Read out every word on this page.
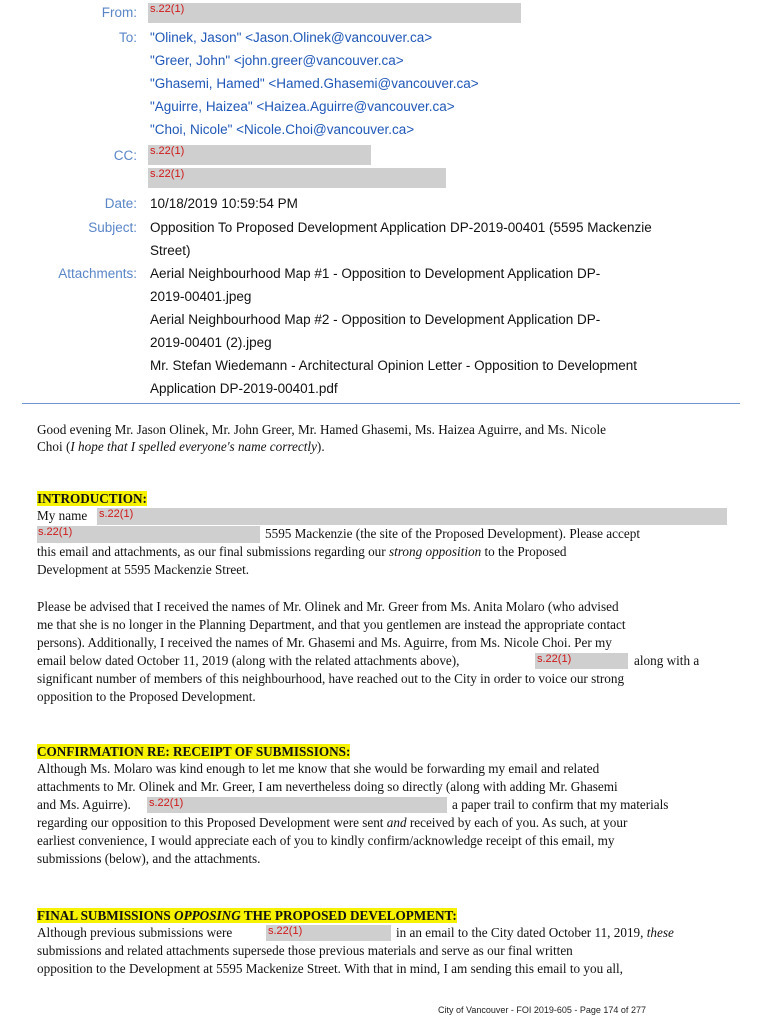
From: s.22(1)
To: "Olinek, Jason" <Jason.Olinek@vancouver.ca>
"Greer, John" <john.greer@vancouver.ca>
"Ghasemi, Hamed" <Hamed.Ghasemi@vancouver.ca>
"Aguirre, Haizea" <Haizea.Aguirre@vancouver.ca>
"Choi, Nicole" <Nicole.Choi@vancouver.ca>
CC: s.22(1)
s.22(1)
Date: 10/18/2019 10:59:54 PM
Subject: Opposition To Proposed Development Application DP-2019-00401 (5595 Mackenzie
Street)
Attachments: Aerial Neighbourhood Map #1 - Opposition to Development Application DP-
2019-00401.jpeg
Aerial Neighbourhood Map #2 - Opposition to Development Application DP-
2019-00401 (2).jpeg
Mr. Stefan Wiedemann - Architectural Opinion Letter - Opposition to Development
Application DP-2019-00401.pdf
Good evening Mr. Jason Olinek, Mr. John Greer, Mr. Hamed Ghasemi, Ms. Haizea Aguirre, and Ms. Nicole
Choi (I hope that I spelled everyone's name correctly).
INTRODUCTION:
My name	s.22(1)
s.22(1)	5595 Mackenzie (the site of the Proposed Development). Please accept
this email and attachments, as our final submissions regarding our strong opposition to the Proposed
Development at 5595 Mackenzie Street.
Please be advised that I received the names of Mr. Olinek and Mr. Greer from Ms. Anita Molaro (who advised
me that she is no longer in the Planning Department, and that you gentlemen are instead the appropriate contact
persons). Additionally, I received the names of Mr. Ghasemi and Ms. Aguirre, from Ms. Nicole Choi. Per my
email below dated October 11, 2019 (along with the related attachments above),	s.22(1)	along with a
significant number of members of this neighbourhood, have reached out to the City in order to voice our strong
opposition to the Proposed Development.
CONFIRMATION RE: RECEIPT OF SUBMISSIONS:
Although Ms. Molaro was kind enough to let me know that she would be forwarding my email and related
attachments to Mr. Olinek and Mr. Greer, I am nevertheless doing so directly (along with adding Mr. Ghasemi
and Ms. Aguirre).	s.22(1)	a paper trail to confirm that my materials
regarding our opposition to this Proposed Development were sent and received by each of you. As such, at your
earliest convenience, I would appreciate each of you to kindly confirm/acknowledge receipt of this email, my
submissions (below), and the attachments.
FINAL SUBMISSIONS OPPOSING THE PROPOSED DEVELOPMENT:
Although previous submissions were	s.22(1)	in an email to the City dated October 11, 2019, these
submissions and related attachments supersede those previous materials and serve as our final written
opposition to the Development at 5595 Mackenize Street. With that in mind, I am sending this email to you all,
City of Vancouver - FOI 2019-605 - Page 174 of 277
